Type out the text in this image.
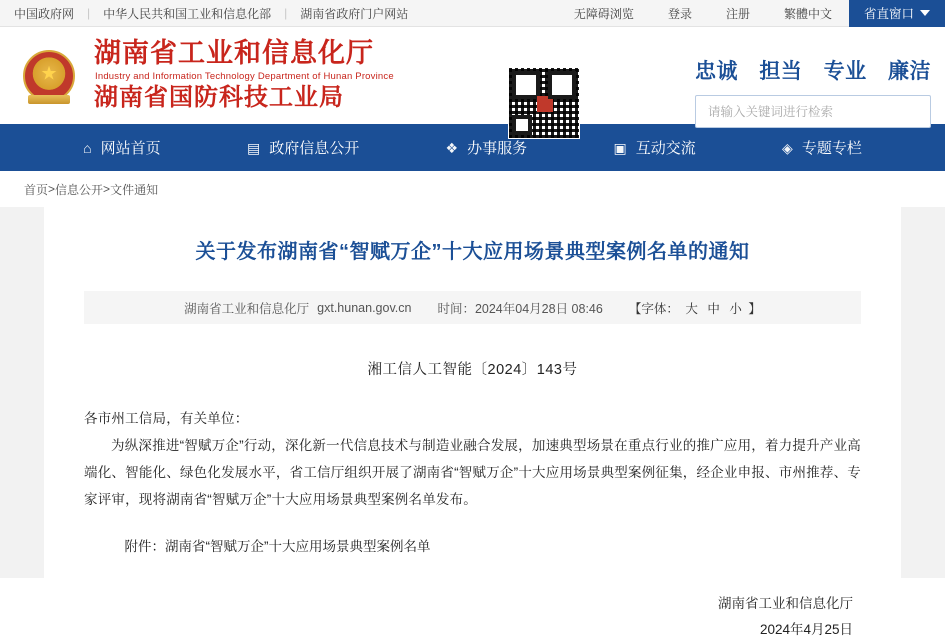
中国政府网	|	中华人民共和国工业和信息化部	|	湖南省政府门户网站	无障碍浏览	登录	注册	繁體中文	省直窗口
★
湖南省工业和信息化厅
Industry and Information Technology Department of Hunan Province
湖南省国防科技工业局
忠诚 担当 专业 廉洁
请输入关键词进行检索
⌂ 网站首页	▤ 政府信息公开	❖ 办事服务	▣ 互动交流	◈ 专题专栏
首页 > 信息公开 > 文件通知
关于发布湖南省“智赋万企”十大应用场景典型案例名单的通知
湖南省工业和信息化厅 gxt.hunan.gov.cn 时间：2024年04月28日 08:46 【字体： 大 中 小 】
湘工信人工智能〔2024〕143号
各市州工信局，有关单位：
为纵深推进“智赋万企”行动，深化新一代信息技术与制造业融合发展，加速典型场景在重点行业的推广应用，着力提升产业高端化、智能化、绿色化发展水平，省工信厅组织开展了湖南省“智赋万企”十大应用场景典型案例征集，经企业申报、市州推荐、专家评审，现将湖南省“智赋万企”十大应用场景典型案例名单发布。
附件：湖南省“智赋万企”十大应用场景典型案例名单
湖南省工业和信息化厅
2024年4月25日
